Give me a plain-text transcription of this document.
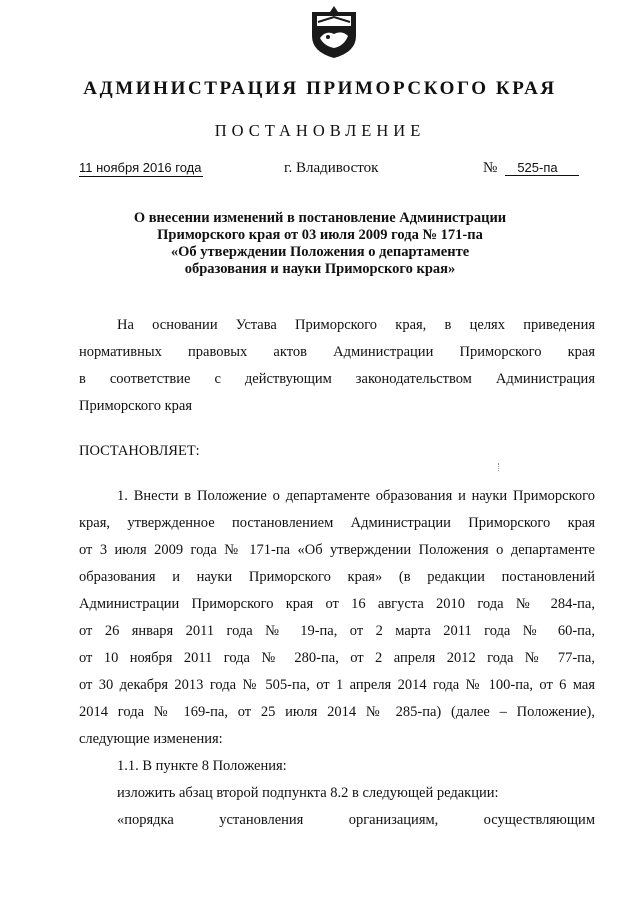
АДМИНИСТРАЦИЯ ПРИМОРСКОГО КРАЯ
ПОСТАНОВЛЕНИЕ
11 ноября 2016 года	г. Владивосток	№ 525-па
О внесении изменений в постановление Администрации
Приморского края от 03 июля 2009 года № 171-па
«Об утверждении Положения о департаменте
образования и науки Приморского края»
На основании Устава Приморского края, в целях приведения
нормативных правовых актов Администрации Приморского края
в соответствие с действующим законодательством Администрация
Приморского края
ПОСТАНОВЛЯЕТ:
1. Внести в Положение о департаменте образования и науки Приморского
края, утвержденное постановлением Администрации Приморского края
от 3 июля 2009 года № 171-па «Об утверждении Положения о департаменте
образования и науки Приморского края» (в редакции постановлений
Администрации Приморского края от 16 августа 2010 года № 284-па,
от 26 января 2011 года № 19-па, от 2 марта 2011 года № 60-па,
от 10 ноября 2011 года № 280-па, от 2 апреля 2012 года № 77-па,
от 30 декабря 2013 года № 505-па, от 1 апреля 2014 года № 100-па, от 6 мая
2014 года № 169-па, от 25 июля 2014 № 285-па) (далее – Положение),
следующие изменения:
1.1. В пункте 8 Положения:
изложить абзац второй подпункта 8.2 в следующей редакции:
«порядка установления организациям, осуществляющим
